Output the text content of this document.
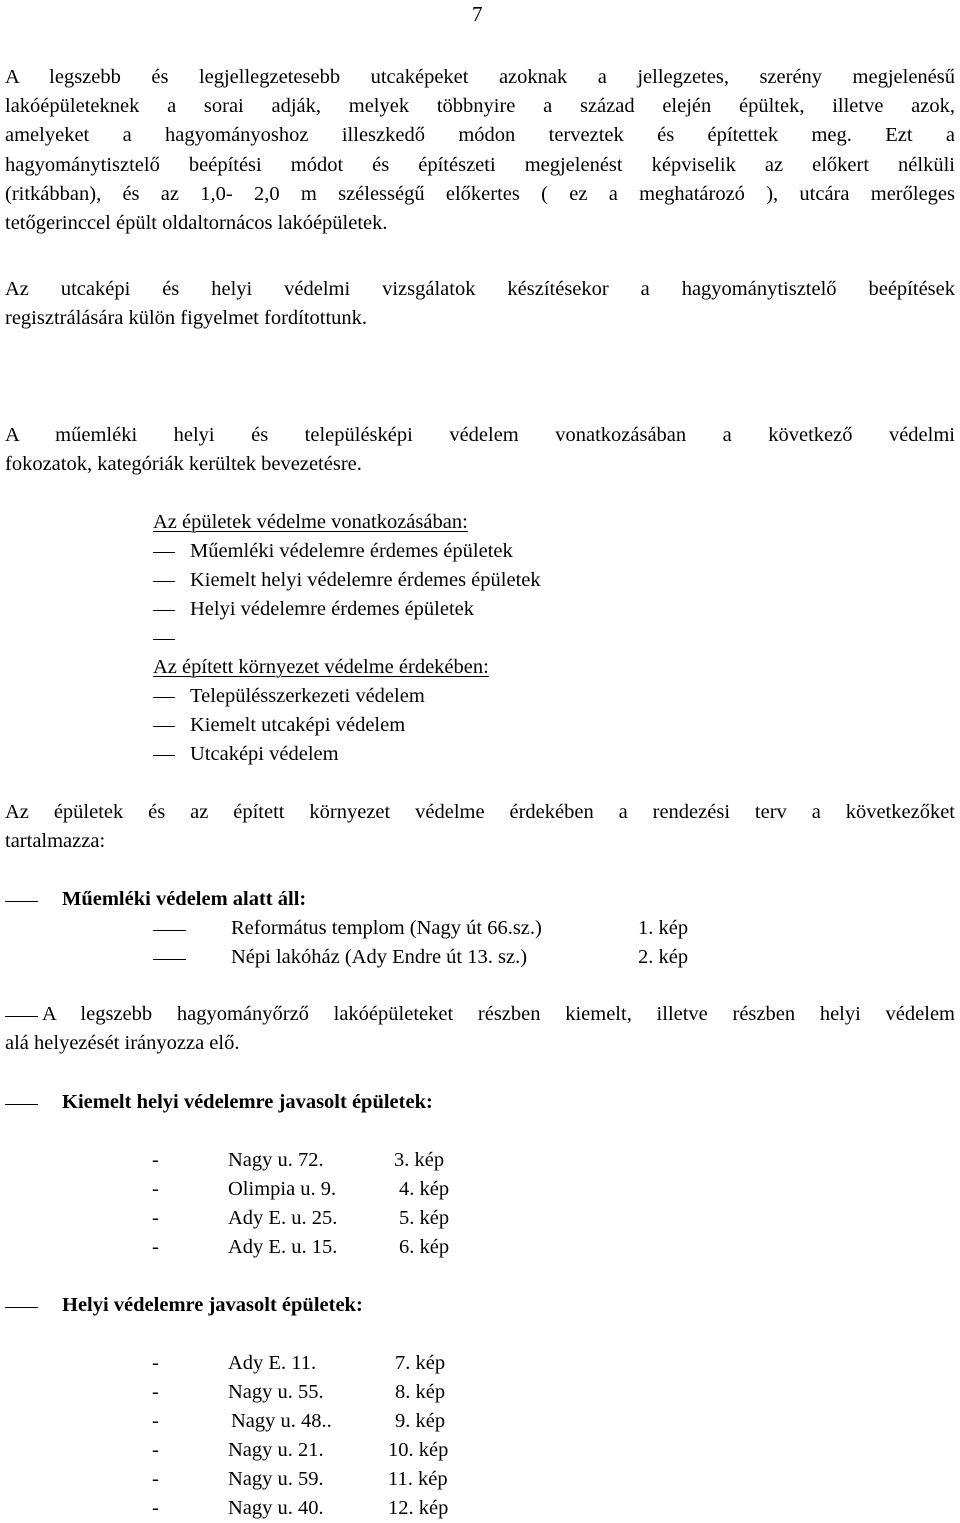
7
A legszebb és legjellegzetesebb utcaképeket azoknak a jellegzetes, szerény megjelenésű
lakóépületeknek a sorai adják, melyek többnyire a század elején épültek, illetve azok,
amelyeket a hagyományoshoz illeszkedő módon terveztek és építettek meg. Ezt a
hagyománytisztelő beépítési módot és építészeti megjelenést képviselik az előkert nélküli
(ritkábban), és az 1,0- 2,0 m szélességű előkertes ( ez a meghatározó ), utcára merőleges
tetőgerinccel épült oldaltornácos lakóépületek.
Az utcaképi és helyi védelmi vizsgálatok készítésekor a hagyománytisztelő beépítések
regisztrálására külön figyelmet fordítottunk.
A műemléki helyi és településképi védelem vonatkozásában a következő védelmi
fokozatok, kategóriák kerültek bevezetésre.
Az épületek védelme vonatkozásában:
Műemléki védelemre érdemes épületek
Kiemelt helyi védelemre érdemes épületek
Helyi védelemre érdemes épületek
Az épített környezet védelme érdekében:
Településszerkezeti védelem
Kiemelt utcaképi védelem
Utcaképi védelem
Az épületek és az épített környezet védelme érdekében a rendezési terv a következőket
tartalmazza:
Műemléki védelem alatt áll:
Református templom (Nagy út 66.sz.)	1. kép
Népi lakóház (Ady Endre út 13. sz.)	2. kép
A legszebb hagyományőrző lakóépületeket részben kiemelt, illetve részben helyi védelem
alá helyezését irányozza elő.
Kiemelt helyi védelemre javasolt épületek:
-	Nagy u. 72.	3. kép
-	Olimpia u. 9.	4. kép
-	Ady E. u. 25.	5. kép
-	Ady E. u. 15.	6. kép
Helyi védelemre javasolt épületek:
-	Ady E. 11.	7. kép
-	Nagy u. 55.	8. kép
-	Nagy u. 48..	9. kép
-	Nagy u. 21.	10. kép
-	Nagy u. 59.	11. kép
-	Nagy u. 40.	12. kép
